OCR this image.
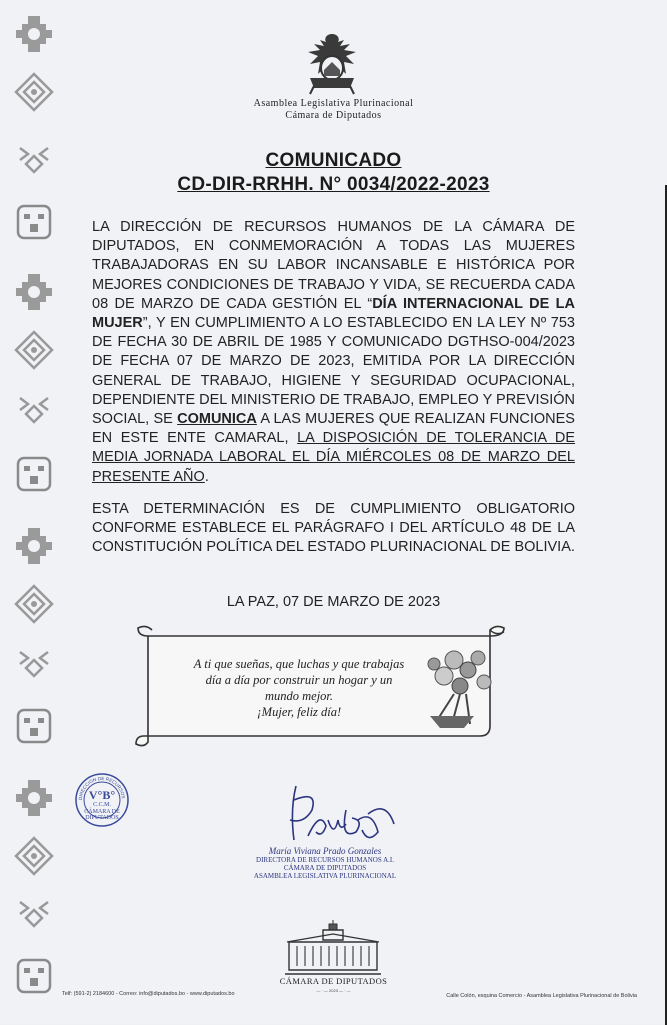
Asamblea Legislativa Plurinacional
Cámara de Diputados
COMUNICADO
CD-DIR-RRHH. N° 0034/2022-2023
LA DIRECCIÓN DE RECURSOS HUMANOS DE LA CÁMARA DE DIPUTADOS, EN CONMEMORACIÓN A TODAS LAS MUJERES TRABAJADORAS EN SU LABOR INCANSABLE E HISTÓRICA POR MEJORES CONDICIONES DE TRABAJO Y VIDA, SE RECUERDA CADA 08 DE MARZO DE CADA GESTIÓN EL “DÍA INTERNACIONAL DE LA MUJER”, Y EN CUMPLIMIENTO A LO ESTABLECIDO EN LA LEY Nº 753 DE FECHA 30 DE ABRIL DE 1985 Y COMUNICADO DGTHSO-004/2023 DE FECHA 07 DE MARZO DE 2023, EMITIDA POR LA DIRECCIÓN GENERAL DE TRABAJO, HIGIENE Y SEGURIDAD OCUPACIONAL, DEPENDIENTE DEL MINISTERIO DE TRABAJO, EMPLEO Y PREVISIÓN SOCIAL, SE COMUNICA A LAS MUJERES QUE REALIZAN FUNCIONES EN ESTE ENTE CAMARAL, LA DISPOSICIÓN DE TOLERANCIA DE MEDIA JORNADA LABORAL EL DÍA MIÉRCOLES 08 DE MARZO DEL PRESENTE AÑO.
ESTA DETERMINACIÓN ES DE CUMPLIMIENTO OBLIGATORIO CONFORME ESTABLECE EL PARÁGRAFO I DEL ARTÍCULO 48 DE LA CONSTITUCIÓN POLÍTICA DEL ESTADO PLURINACIONAL DE BOLIVIA.
LA PAZ, 07 DE MARZO DE 2023
A ti que sueñas, que luchas y que trabajas
día a día por construir un hogar y un
mundo mejor.
¡Mujer, feliz día!
DIRECCIÓN DE RECURSOS
V°B°
C.C.M.
CÁMARA DE
DIPUTADOS
María Viviana Prado Gonzales
DIRECTORA DE RECURSOS HUMANOS A.I.
CÁMARA DE DIPUTADOS
ASAMBLEA LEGISLATIVA PLURINACIONAL
CÁMARA DE DIPUTADOS
— · — 2023 — · —
Telf: (591-2) 2184600 - Correo: info@diputados.bo - www.diputados.bo	Calle Colón, esquina Comercio - Asamblea Legislativa Plurinacional de Bolivia
